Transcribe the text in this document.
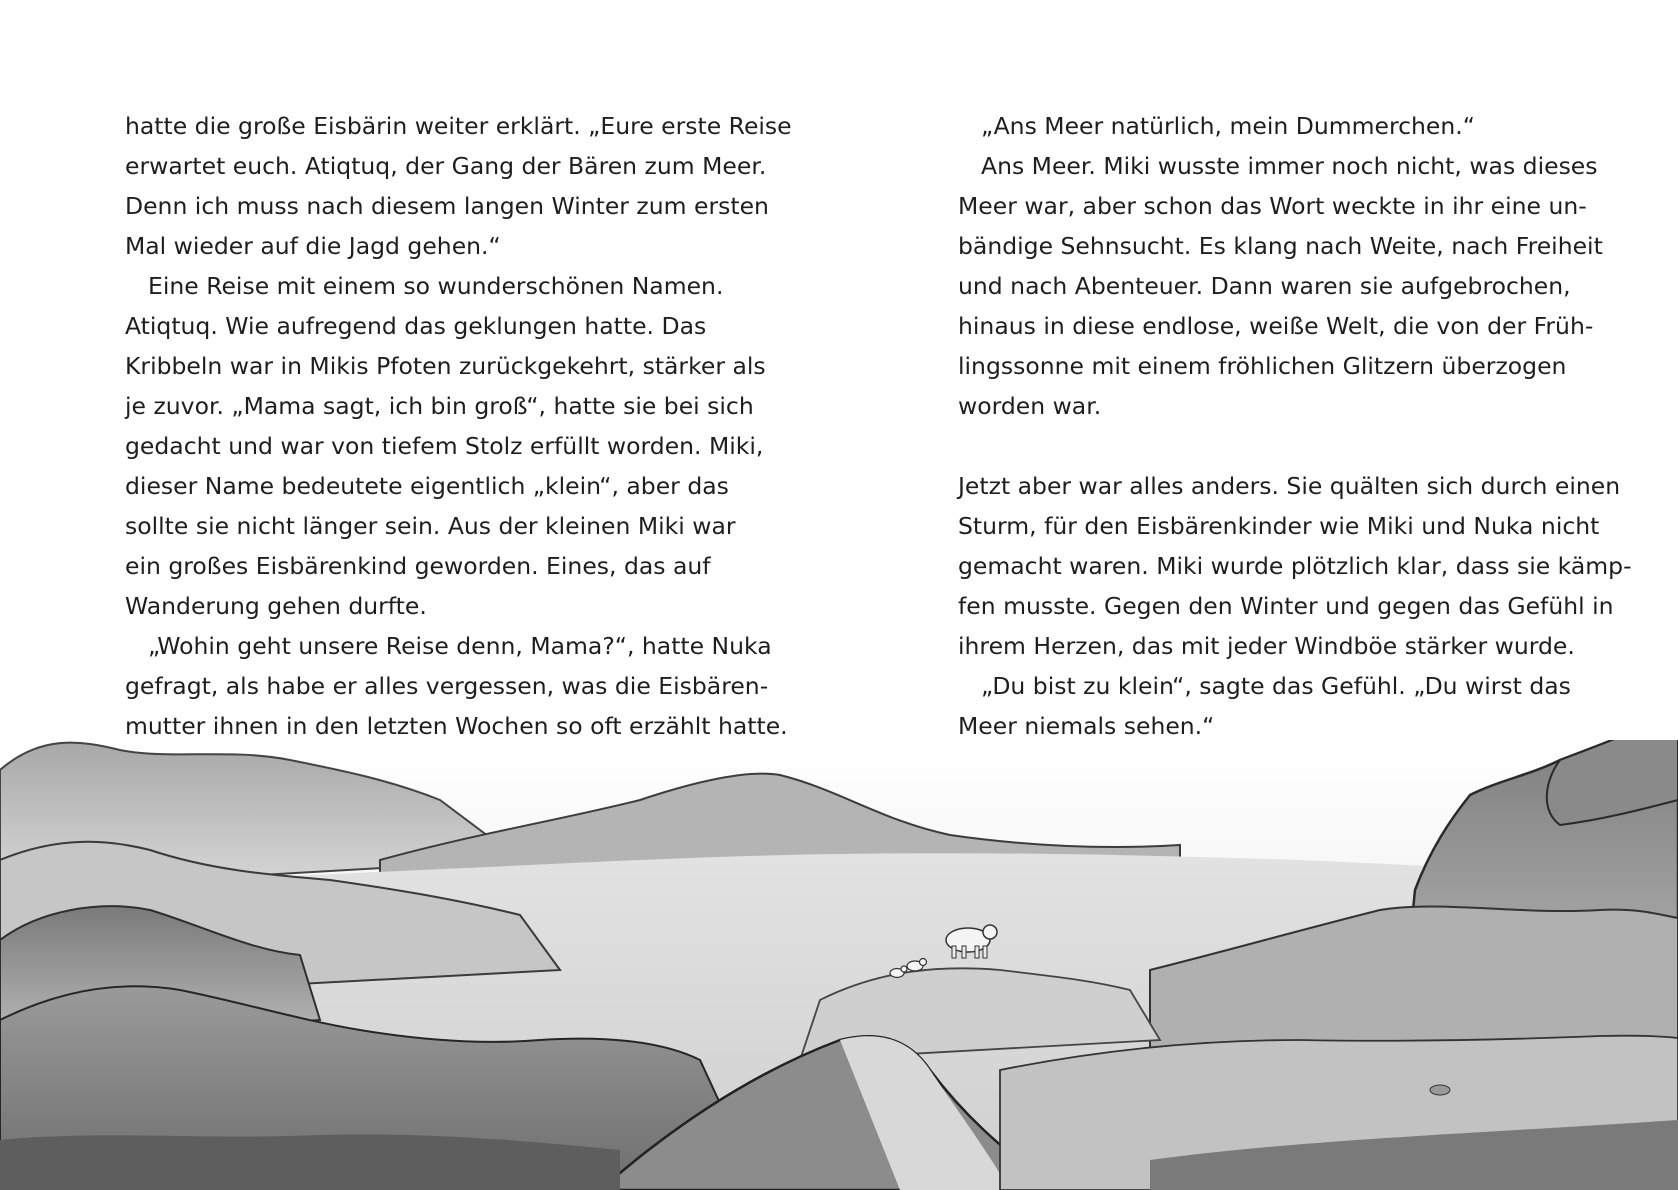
hatte die große Eisbärin weiter erklärt. „Eure erste Reise
erwartet euch. Atiqtuq, der Gang der Bären zum Meer.
Denn ich muss nach diesem langen Winter zum ersten
Mal wieder auf die Jagd gehen.“
Eine Reise mit einem so wunderschönen Namen.
Atiqtuq. Wie aufregend das geklungen hatte. Das
Kribbeln war in Mikis Pfoten zurückgekehrt, stärker als
je zuvor. „Mama sagt, ich bin groß“, hatte sie bei sich
gedacht und war von tiefem Stolz erfüllt worden. Miki,
dieser Name bedeutete eigentlich „klein“, aber das
sollte sie nicht länger sein. Aus der kleinen Miki war
ein großes Eisbärenkind geworden. Eines, das auf
Wanderung gehen durfte.
„Wohin geht unsere Reise denn, Mama?“, hatte Nuka
gefragt, als habe er alles vergessen, was die Eisbären-
mutter ihnen in den letzten Wochen so oft erzählt hatte.
„Ans Meer natürlich, mein Dummerchen.“
Ans Meer. Miki wusste immer noch nicht, was dieses
Meer war, aber schon das Wort weckte in ihr eine un-
bändige Sehnsucht. Es klang nach Weite, nach Freiheit
und nach Abenteuer. Dann waren sie aufgebrochen,
hinaus in diese endlose, weiße Welt, die von der Früh-
lingssonne mit einem fröhlichen Glitzern überzogen
worden war.
Jetzt aber war alles anders. Sie quälten sich durch einen
Sturm, für den Eisbärenkinder wie Miki und Nuka nicht
gemacht waren. Miki wurde plötzlich klar, dass sie kämp-
fen musste. Gegen den Winter und gegen das Gefühl in
ihrem Herzen, das mit jeder Windböe stärker wurde.
„Du bist zu klein“, sagte das Gefühl. „Du wirst das
Meer niemals sehen.“
